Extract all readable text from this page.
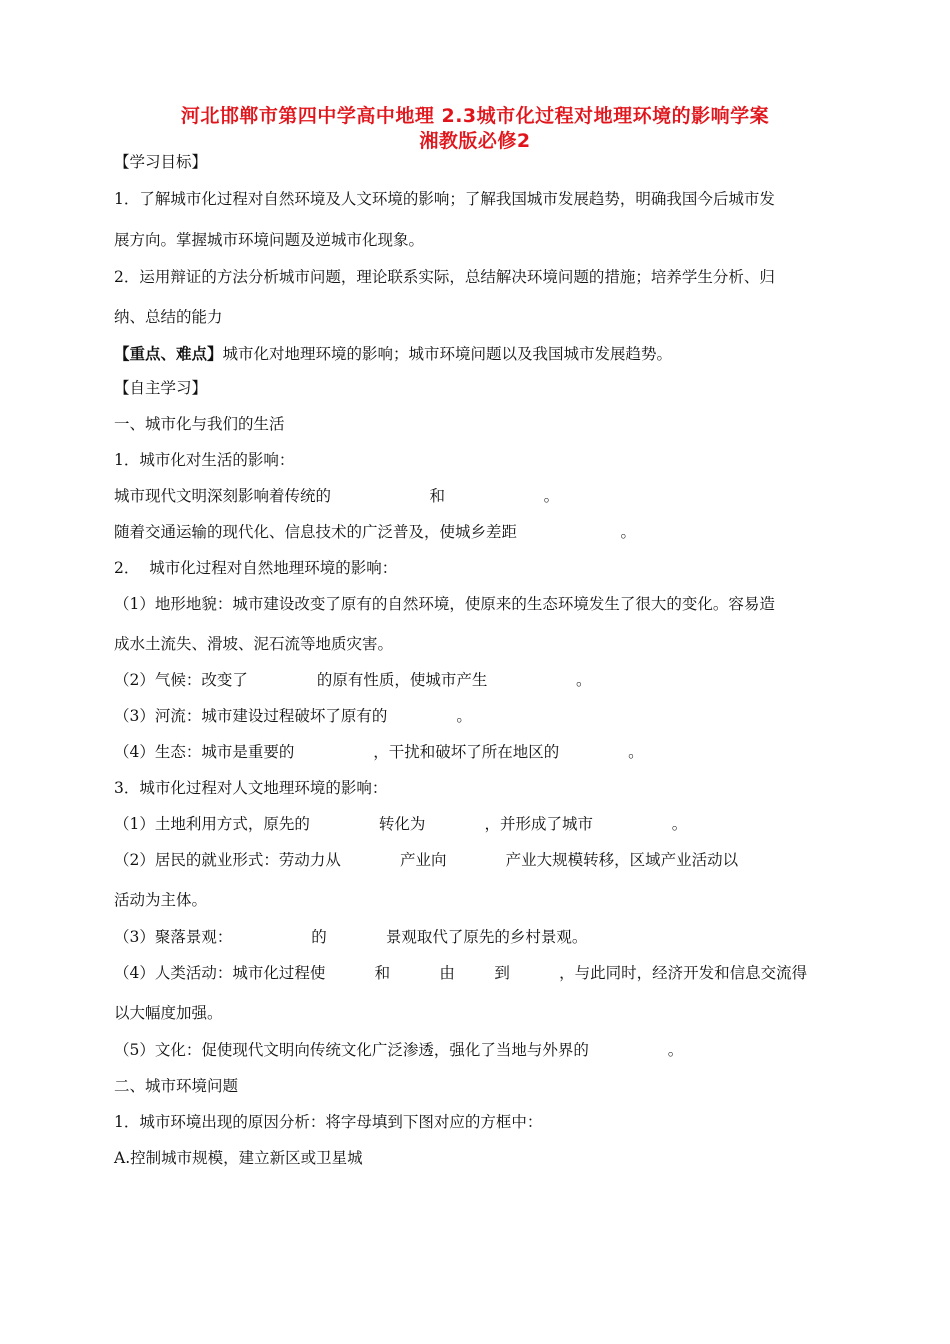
河北邯郸市第四中学高中地理 2.3城市化过程对地理环境的影响学案
湘教版必修2
【学习目标】
1．了解城市化过程对自然环境及人文环境的影响；了解我国城市发展趋势，明确我国今后城市发
展方向。掌握城市环境问题及逆城市化现象。
2．运用辩证的方法分析城市问题，理论联系实际，总结解决环境问题的措施；培养学生分析、归
纳、总结的能力
【重点、难点】城市化对地理环境的影响；城市环境问题以及我国城市发展趋势。
【自主学习】
一、城市化与我们的生活
1．城市化对生活的影响：
城市现代文明深刻影响着传统的                    和                    。
随着交通运输的现代化、信息技术的广泛普及，使城乡差距                     。
2．  城市化过程对自然地理环境的影响：
（1）地形地貌：城市建设改变了原有的自然环境，使原来的生态环境发生了很大的变化。容易造
成水土流失、滑坡、泥石流等地质灾害。
（2）气候：改变了              的原有性质，使城市产生                  。
（3）河流：城市建设过程破坏了原有的              。
（4）生态：城市是重要的                ，干扰和破坏了所在地区的              。
3．城市化过程对人文地理环境的影响：
（1）土地利用方式，原先的              转化为            ，并形成了城市                。
（2）居民的就业形式：劳动力从            产业向            产业大规模转移，区域产业活动以
活动为主体。
（3）聚落景观：                的            景观取代了原先的乡村景观。
（4）人类活动：城市化过程使          和          由        到          ，与此同时，经济开发和信息交流得
以大幅度加强。
（5）文化：促使现代文明向传统文化广泛渗透，强化了当地与外界的                。
二、城市环境问题
1．城市环境出现的原因分析：将字母填到下图对应的方框中：
A.控制城市规模，建立新区或卫星城
